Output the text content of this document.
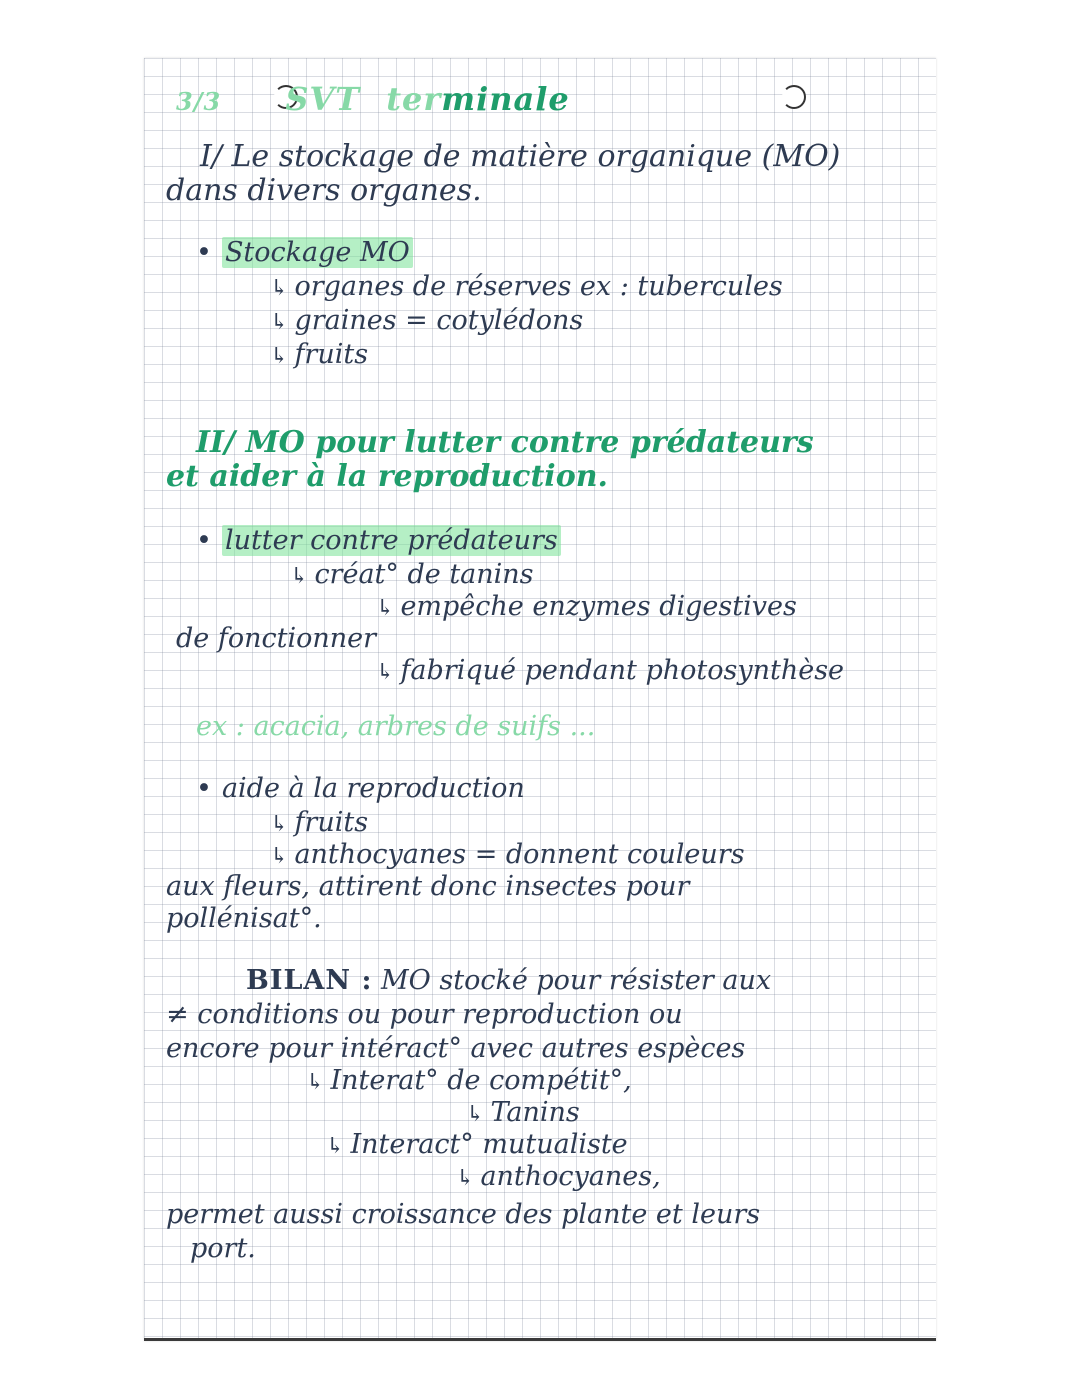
3/3 SVT terminale
I/ Le stockage de matière organique (MO)
dans divers organes.
• Stockage MO
↳ organes de réserves ex : tubercules
↳ graines = cotylédons
↳ fruits
II/ MO pour lutter contre prédateurs
et aider à la reproduction.
• lutter contre prédateurs
↳ créat° de tanins
↳ empêche enzymes digestives
de fonctionner
↳ fabriqué pendant photosynthèse
ex : acacia, arbres de suifs ...
• aide à la reproduction
↳ fruits
↳ anthocyanes = donnent couleurs
aux fleurs, attirent donc insectes pour
pollénisat°.
BILAN : MO stocké pour résister aux
≠ conditions ou pour reproduction ou
encore pour intéract° avec autres espèces
↳ Interat° de compétit°,
↳ Tanins
↳ Interact° mutualiste
↳ anthocyanes,
permet aussi croissance des plante et leurs
port.
